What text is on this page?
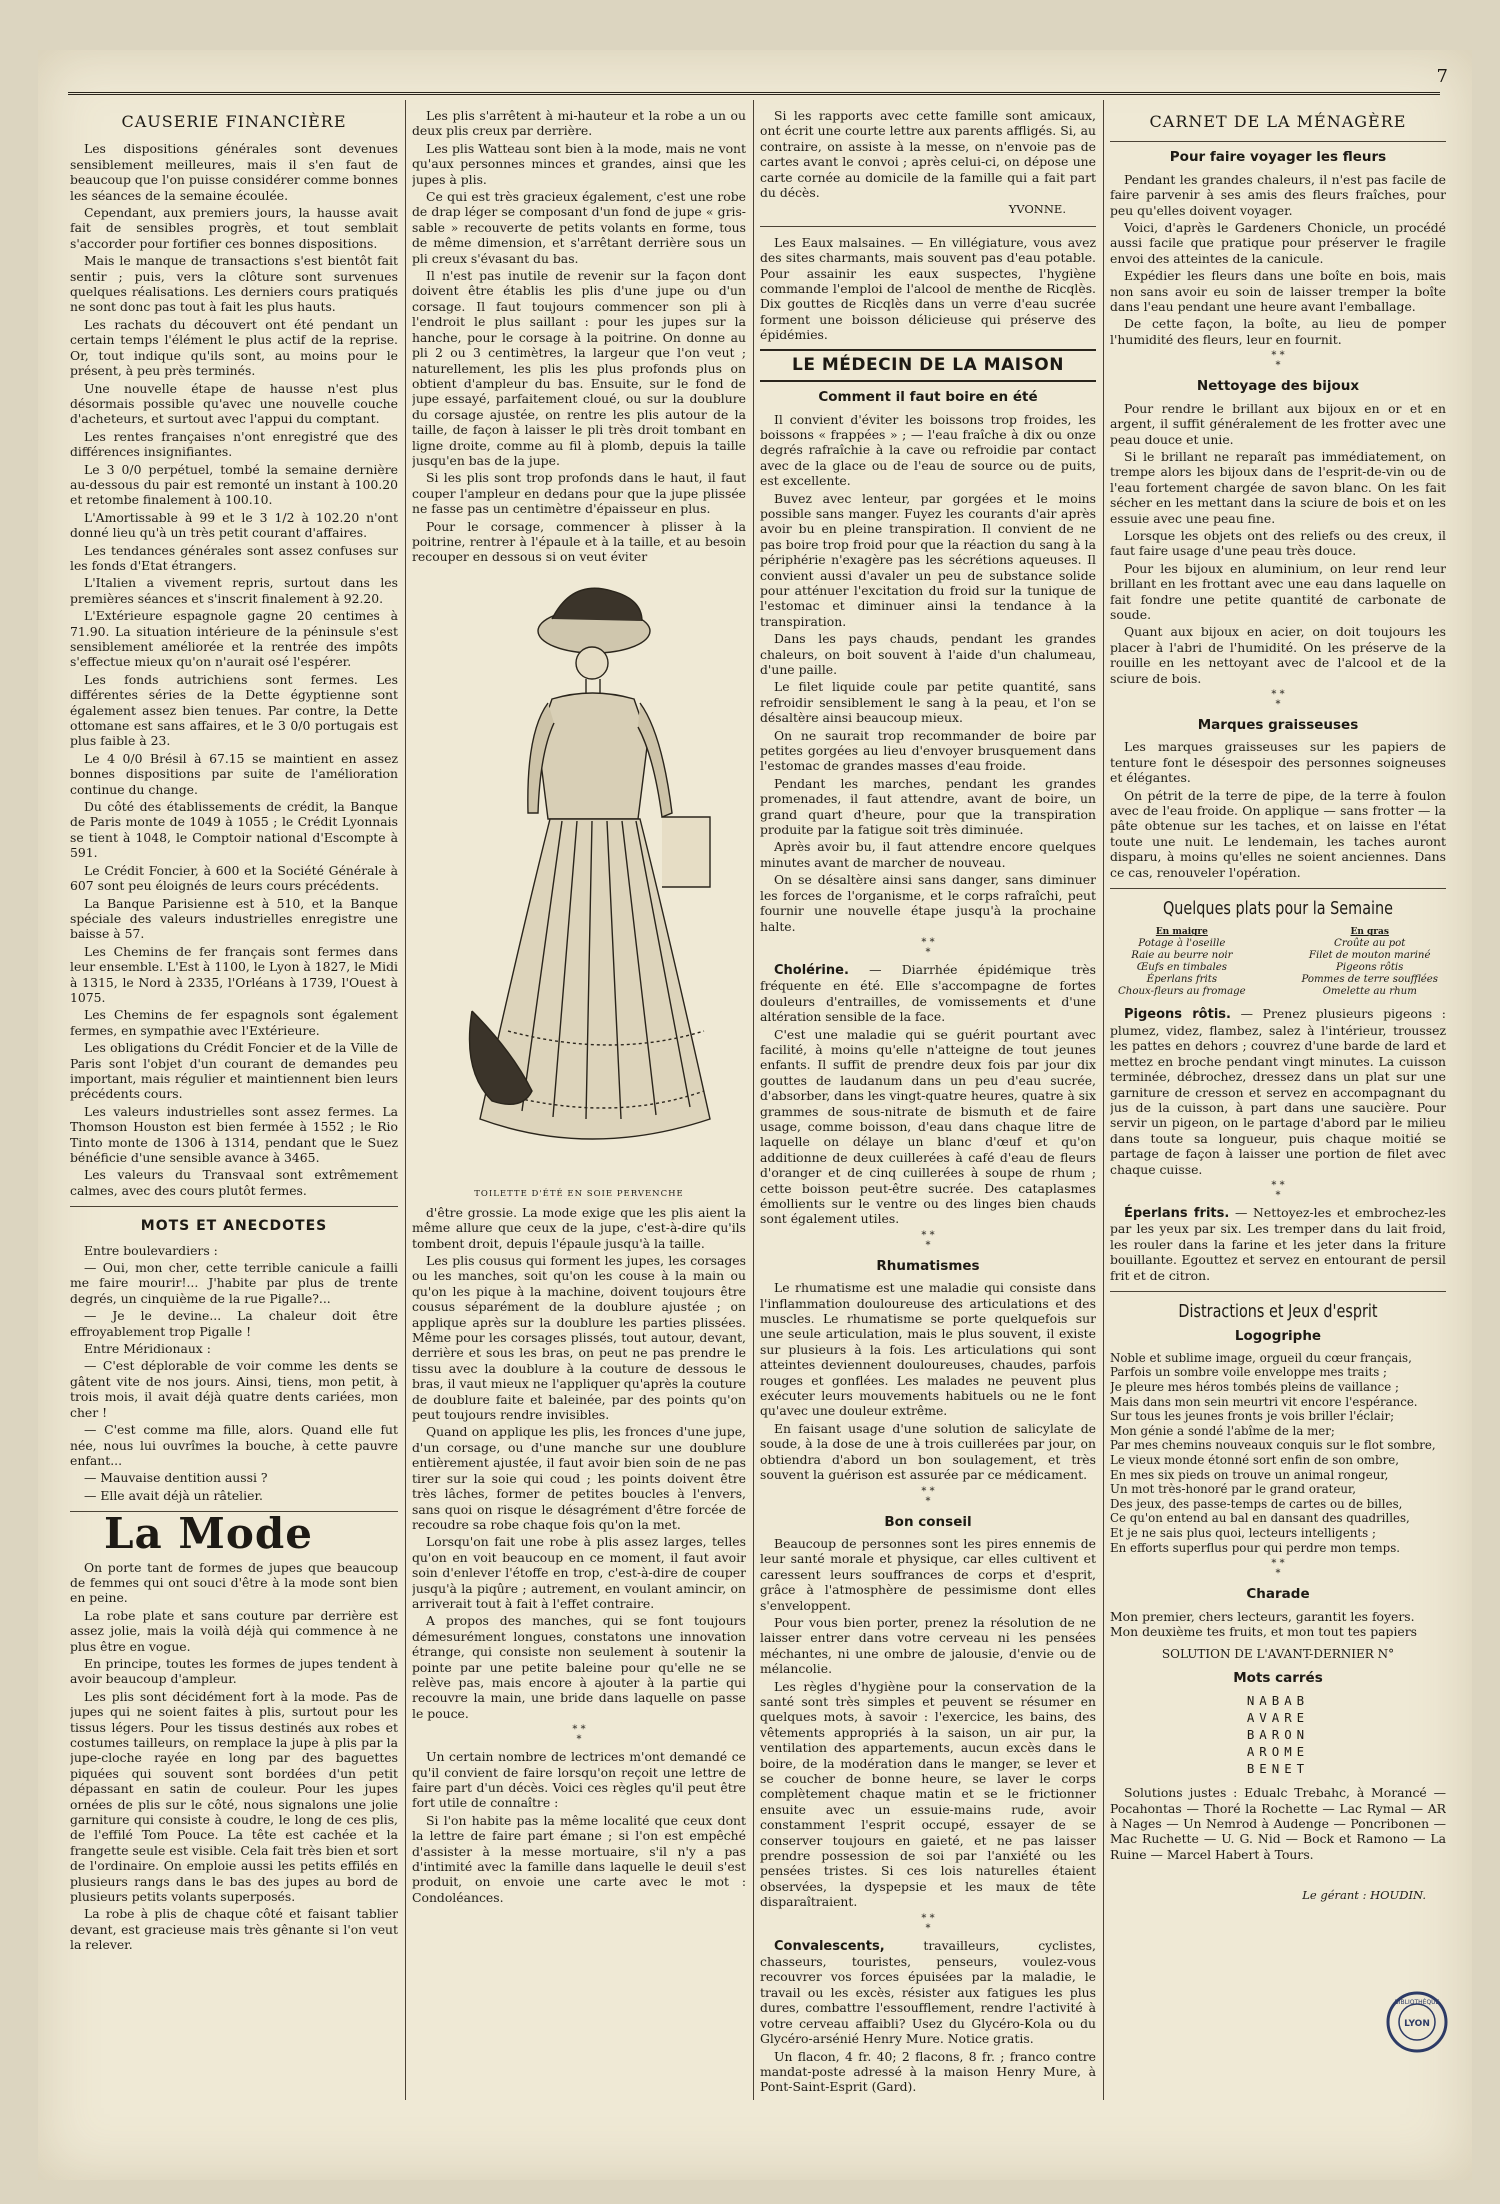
7
CAUSERIE FINANCIÈRE

Les dispositions générales sont devenues sensiblement meilleures, mais il s'en faut de beaucoup que l'on puisse considérer comme bonnes les séances de la semaine écoulée.

Cependant, aux premiers jours, la hausse avait fait de sensibles progrès, et tout semblait s'accorder pour fortifier ces bonnes dispositions.

Mais le manque de transactions s'est bientôt fait sentir ; puis, vers la clôture sont survenues quelques réalisations. Les derniers cours pratiqués ne sont donc pas tout à fait les plus hauts.

Les rachats du découvert ont été pendant un certain temps l'élément le plus actif de la reprise. Or, tout indique qu'ils sont, au moins pour le présent, à peu près terminés.

Une nouvelle étape de hausse n'est plus désormais possible qu'avec une nouvelle couche d'acheteurs, et surtout avec l'appui du comptant.

Les rentes françaises n'ont enregistré que des différences insignifiantes.

Le 3 0/0 perpétuel, tombé la semaine dernière au-dessous du pair est remonté un instant à 100.20 et retombe finalement à 100.10.

L'Amortissable à 99 et le 3 1/2 à 102.20 n'ont donné lieu qu'à un très petit courant d'affaires.

Les tendances générales sont assez confuses sur les fonds d'Etat étrangers.

L'Italien a vivement repris, surtout dans les premières séances et s'inscrit finalement à 92.20.

L'Extérieure espagnole gagne 20 centimes à 71.90. La situation intérieure de la péninsule s'est sensiblement améliorée et la rentrée des impôts s'effectue mieux qu'on n'aurait osé l'espérer.

Les fonds autrichiens sont fermes. Les différentes séries de la Dette égyptienne sont également assez bien tenues. Par contre, la Dette ottomane est sans affaires, et le 3 0/0 portugais est plus faible à 23.

Le 4 0/0 Brésil à 67.15 se maintient en assez bonnes dispositions par suite de l'amélioration continue du change.

Du côté des établissements de crédit, la Banque de Paris monte de 1049 à 1055 ; le Crédit Lyonnais se tient à 1048, le Comptoir national d'Escompte à 591.

Le Crédit Foncier, à 600 et la Société Générale à 607 sont peu éloignés de leurs cours précédents.

La Banque Parisienne est à 510, et la Banque spéciale des valeurs industrielles enregistre une baisse à 57.

Les Chemins de fer français sont fermes dans leur ensemble. L'Est à 1100, le Lyon à 1827, le Midi à 1315, le Nord à 2335, l'Orléans à 1739, l'Ouest à 1075.

Les Chemins de fer espagnols sont également fermes, en sympathie avec l'Extérieure.

Les obligations du Crédit Foncier et de la Ville de Paris sont l'objet d'un courant de demandes peu important, mais régulier et maintiennent bien leurs précédents cours.

Les valeurs industrielles sont assez fermes. La Thomson Houston est bien fermée à 1552 ; le Rio Tinto monte de 1306 à 1314, pendant que le Suez bénéficie d'une sensible avance à 3465.

Les valeurs du Transvaal sont extrêmement calmes, avec des cours plutôt fermes.

MOTS ET ANECDOTES

Entre boulevardiers :

— Oui, mon cher, cette terrible canicule a failli me faire mourir!... J'habite par plus de trente degrés, un cinquième de la rue Pigalle?...

— Je le devine... La chaleur doit être effroyablement trop Pigalle !

Entre Méridionaux :

— C'est déplorable de voir comme les dents se gâtent vite de nos jours. Ainsi, tiens, mon petit, à trois mois, il avait déjà quatre dents cariées, mon cher !

— C'est comme ma fille, alors. Quand elle fut née, nous lui ouvrîmes la bouche, à cette pauvre enfant...

— Mauvaise dentition aussi ?

— Elle avait déjà un râtelier.

La Mode

On porte tant de formes de jupes que beaucoup de femmes qui ont souci d'être à la mode sont bien en peine.

La robe plate et sans couture par derrière est assez jolie, mais la voilà déjà qui commence à ne plus être en vogue.

En principe, toutes les formes de jupes tendent à avoir beaucoup d'ampleur.

Les plis sont décidément fort à la mode. Pas de jupes qui ne soient faites à plis, surtout pour les tissus légers. Pour les tissus destinés aux robes et costumes tailleurs, on remplace la jupe à plis par la jupe-cloche rayée en long par des baguettes piquées qui souvent sont bordées d'un petit dépassant en satin de couleur. Pour les jupes ornées de plis sur le côté, nous signalons une jolie garniture qui consiste à coudre, le long de ces plis, de l'effilé Tom Pouce. La tête est cachée et la frangette seule est visible. Cela fait très bien et sort de l'ordinaire. On emploie aussi les petits effilés en plusieurs rangs dans le bas des jupes au bord de plusieurs petits volants superposés.

La robe à plis de chaque côté et faisant tablier devant, est gracieuse mais très gênante si l'on veut la relever.

Les plis s'arrêtent à mi-hauteur et la robe a un ou deux plis creux par derrière.

Les plis Watteau sont bien à la mode, mais ne vont qu'aux personnes minces et grandes, ainsi que les jupes à plis.

Ce qui est très gracieux également, c'est une robe de drap léger se composant d'un fond de jupe « gris-sable » recouverte de petits volants en forme, tous de même dimension, et s'arrêtant derrière sous un pli creux s'évasant du bas.

Il n'est pas inutile de revenir sur la façon dont doivent être établis les plis d'une jupe ou d'un corsage. Il faut toujours commencer son pli à l'endroit le plus saillant : pour les jupes sur la hanche, pour le corsage à la poitrine. On donne au pli 2 ou 3 centimètres, la largeur que l'on veut ; naturellement, les plis les plus profonds plus on obtient d'ampleur du bas. Ensuite, sur le fond de jupe essayé, parfaitement cloué, ou sur la doublure du corsage ajustée, on rentre les plis autour de la taille, de façon à laisser le pli très droit tombant en ligne droite, comme au fil à plomb, depuis la taille jusqu'en bas de la jupe.

Si les plis sont trop profonds dans le haut, il faut couper l'ampleur en dedans pour que la jupe plissée ne fasse pas un centimètre d'épaisseur en plus.

Pour le corsage, commencer à plisser à la poitrine, rentrer à l'épaule et à la taille, et au besoin recouper en dessous si on veut éviter

TOILETTE D'ÉTÉ EN SOIE PERVENCHE

d'être grossie. La mode exige que les plis aient la même allure que ceux de la jupe, c'est-à-dire qu'ils tombent droit, depuis l'épaule jusqu'à la taille.

Les plis cousus qui forment les jupes, les corsages ou les manches, soit qu'on les couse à la main ou qu'on les pique à la machine, doivent toujours être cousus séparément de la doublure ajustée ; on applique après sur la doublure les parties plissées. Même pour les corsages plissés, tout autour, devant, derrière et sous les bras, on peut ne pas prendre le tissu avec la doublure à la couture de dessous le bras, il vaut mieux ne l'appliquer qu'après la couture de doublure faite et baleinée, par des points qu'on peut toujours rendre invisibles.

Quand on applique les plis, les fronces d'une jupe, d'un corsage, ou d'une manche sur une doublure entièrement ajustée, il faut avoir bien soin de ne pas tirer sur la soie qui coud ; les points doivent être très lâches, former de petites boucles à l'envers, sans quoi on risque le désagrément d'être forcée de recoudre sa robe chaque fois qu'on la met.

Lorsqu'on fait une robe à plis assez larges, telles qu'on en voit beaucoup en ce moment, il faut avoir soin d'enlever l'étoffe en trop, c'est-à-dire de couper jusqu'à la piqûre ; autrement, en voulant amincir, on arriverait tout à fait à l'effet contraire.

A propos des manches, qui se font toujours démesurément longues, constatons une innovation étrange, qui consiste non seulement à soutenir la pointe par une petite baleine pour qu'elle ne se relève pas, mais encore à ajouter à la partie qui recouvre la main, une bride dans laquelle on passe le pouce.

* *
*

Un certain nombre de lectrices m'ont demandé ce qu'il convient de faire lorsqu'on reçoit une lettre de faire part d'un décès. Voici ces règles qu'il peut être fort utile de connaître :

Si l'on habite pas la même localité que ceux dont la lettre de faire part émane ; si l'on est empêché d'assister à la messe mortuaire, s'il n'y a pas d'intimité avec la famille dans laquelle le deuil s'est produit, on envoie une carte avec le mot : Condoléances.

Si les rapports avec cette famille sont amicaux, ont écrit une courte lettre aux parents affligés. Si, au contraire, on assiste à la messe, on n'envoie pas de cartes avant le convoi ; après celui-ci, on dépose une carte cornée au domicile de la famille qui a fait part du décès.

YVONNE.

Les Eaux malsaines. — En villégiature, vous avez des sites charmants, mais souvent pas d'eau potable. Pour assainir les eaux suspectes, l'hygiène commande l'emploi de l'alcool de menthe de Ricqlès. Dix gouttes de Ricqlès dans un verre d'eau sucrée forment une boisson délicieuse qui préserve des épidémies.

LE MÉDECIN DE LA MAISON
Comment il faut boire en été

Il convient d'éviter les boissons trop froides, les boissons « frappées » ; — l'eau fraîche à dix ou onze degrés rafraîchie à la cave ou refroidie par contact avec de la glace ou de l'eau de source ou de puits, est excellente.

Buvez avec lenteur, par gorgées et le moins possible sans manger. Fuyez les courants d'air après avoir bu en pleine transpiration. Il convient de ne pas boire trop froid pour que la réaction du sang à la périphérie n'exagère pas les sécrétions aqueuses. Il convient aussi d'avaler un peu de substance solide pour atténuer l'excitation du froid sur la tunique de l'estomac et diminuer ainsi la tendance à la transpiration.

Dans les pays chauds, pendant les grandes chaleurs, on boit souvent à l'aide d'un chalumeau, d'une paille.

Le filet liquide coule par petite quantité, sans refroidir sensiblement le sang à la peau, et l'on se désaltère ainsi beaucoup mieux.

On ne saurait trop recommander de boire par petites gorgées au lieu d'envoyer brusquement dans l'estomac de grandes masses d'eau froide.

Pendant les marches, pendant les grandes promenades, il faut attendre, avant de boire, un grand quart d'heure, pour que la transpiration produite par la fatigue soit très diminuée.

Après avoir bu, il faut attendre encore quelques minutes avant de marcher de nouveau.

On se désaltère ainsi sans danger, sans diminuer les forces de l'organisme, et le corps rafraîchi, peut fournir une nouvelle étape jusqu'à la prochaine halte.

* *
*

Cholérine. — Diarrhée épidémique très fréquente en été. Elle s'accompagne de fortes douleurs d'entrailles, de vomissements et d'une altération sensible de la face.

C'est une maladie qui se guérit pourtant avec facilité, à moins qu'elle n'atteigne de tout jeunes enfants. Il suffit de prendre deux fois par jour dix gouttes de laudanum dans un peu d'eau sucrée, d'absorber, dans les vingt-quatre heures, quatre à six grammes de sous-nitrate de bismuth et de faire usage, comme boisson, d'eau dans chaque litre de laquelle on délaye un blanc d'œuf et qu'on additionne de deux cuillerées à café d'eau de fleurs d'oranger et de cinq cuillerées à soupe de rhum ; cette boisson peut-être sucrée. Des cataplasmes émollients sur le ventre ou des linges bien chauds sont également utiles.

* *
*
Rhumatismes

Le rhumatisme est une maladie qui consiste dans l'inflammation douloureuse des articulations et des muscles. Le rhumatisme se porte quelquefois sur une seule articulation, mais le plus souvent, il existe sur plusieurs à la fois. Les articulations qui sont atteintes deviennent douloureuses, chaudes, parfois rouges et gonflées. Les malades ne peuvent plus exécuter leurs mouvements habituels ou ne le font qu'avec une douleur extrême.

En faisant usage d'une solution de salicylate de soude, à la dose de une à trois cuillerées par jour, on obtiendra d'abord un bon soulagement, et très souvent la guérison est assurée par ce médicament.

* *
*
Bon conseil

Beaucoup de personnes sont les pires ennemis de leur santé morale et physique, car elles cultivent et caressent leurs souffrances de corps et d'esprit, grâce à l'atmosphère de pessimisme dont elles s'enveloppent.

Pour vous bien porter, prenez la résolution de ne laisser entrer dans votre cerveau ni les pensées méchantes, ni une ombre de jalousie, d'envie ou de mélancolie.

Les règles d'hygiène pour la conservation de la santé sont très simples et peuvent se résumer en quelques mots, à savoir : l'exercice, les bains, des vêtements appropriés à la saison, un air pur, la ventilation des appartements, aucun excès dans le boire, de la modération dans le manger, se lever et se coucher de bonne heure, se laver le corps complètement chaque matin et se le frictionner ensuite avec un essuie-mains rude, avoir constamment l'esprit occupé, essayer de se conserver toujours en gaieté, et ne pas laisser prendre possession de soi par l'anxiété ou les pensées tristes. Si ces lois naturelles étaient observées, la dyspepsie et les maux de tête disparaîtraient.

* *
*

Convalescents,	travailleurs, cyclistes, chasseurs, touristes, penseurs, voulez-vous recouvrer vos forces épuisées par la maladie, le travail ou les excès, résister aux fatigues les plus dures, combattre l'essoufflement, rendre l'activité à votre cerveau affaibli? Usez du Glycéro-Kola ou du Glycéro-arsénié Henry Mure. Notice gratis.

Un flacon, 4 fr. 40; 2 flacons, 8 fr. ; franco contre mandat-poste adressé à la maison Henry Mure, à Pont-Saint-Esprit (Gard).

CARNET DE LA MÉNAGÈRE
Pour faire voyager les fleurs

Pendant les grandes chaleurs, il n'est pas facile de faire parvenir à ses amis des fleurs fraîches, pour peu qu'elles doivent voyager.

Voici, d'après le Gardeners Chonicle, un procédé aussi facile que pratique pour préserver le fragile envoi des atteintes de la canicule.

Expédier les fleurs dans une boîte en bois, mais non sans avoir eu soin de laisser tremper la boîte dans l'eau pendant une heure avant l'emballage.

De cette façon, la boîte, au lieu de pomper l'humidité des fleurs, leur en fournit.

* *
*
Nettoyage des bijoux

Pour rendre le brillant aux bijoux en or et en argent, il suffit généralement de les frotter avec une peau douce et unie.

Si le brillant ne reparaît pas immédiatement, on trempe alors les bijoux dans de l'esprit-de-vin ou de l'eau fortement chargée de savon blanc. On les fait sécher en les mettant dans la sciure de bois et on les essuie avec une peau fine.

Lorsque les objets ont des reliefs ou des creux, il faut faire usage d'une peau très douce.

Pour les bijoux en aluminium, on leur rend leur brillant en les frottant avec une eau dans laquelle on fait fondre une petite quantité de carbonate de soude.

Quant aux bijoux en acier, on doit toujours les placer à l'abri de l'humidité. On les préserve de la rouille en les nettoyant avec de l'alcool et de la sciure de bois.

* *
*
Marques graisseuses

Les marques graisseuses sur les papiers de tenture font le désespoir des personnes soigneuses et élégantes.

On pétrit de la terre de pipe, de la terre à foulon avec de l'eau froide. On applique — sans frotter — la pâte obtenue sur les taches, et on laisse en l'état toute une nuit. Le lendemain, les taches auront disparu, à moins qu'elles ne soient anciennes. Dans ce cas, renouveler l'opération.

Quelques plats pour la Semaine
En maigre
Potage à l'oseille
Raie au beurre noir
Œufs en timbales
Éperlans frits
Choux-fleurs au fromage
En gras
Croûte au pot
Filet de mouton mariné
Pigeons rôtis
Pommes de terre soufflées
Omelette au rhum

Pigeons rôtis. — Prenez plusieurs pigeons : plumez, videz, flambez, salez à l'intérieur, troussez les pattes en dehors ; couvrez d'une barde de lard et mettez en broche pendant vingt minutes. La cuisson terminée, débrochez, dressez dans un plat sur une garniture de cresson et servez en accompagnant du jus de la cuisson, à part dans une saucière. Pour servir un pigeon, on le partage d'abord par le milieu dans toute sa longueur, puis chaque moitié se partage de façon à laisser une portion de filet avec chaque cuisse.

* *
*

Éperlans frits. — Nettoyez-les et embrochez-les par les yeux par six. Les tremper dans du lait froid, les rouler dans la farine et les jeter dans la friture bouillante. Egouttez et servez en entourant de persil frit et de citron.

Distractions et Jeux d'esprit
Logogriphe
Noble et sublime image, orgueil du cœur français,
Parfois un sombre voile enveloppe mes traits ;
Je pleure mes héros tombés pleins de vaillance ;
Mais dans mon sein meurtri vit encore l'espérance.
Sur tous les jeunes fronts je vois briller l'éclair;
Mon génie a sondé l'abîme de la mer;
Par mes chemins nouveaux conquis sur le flot sombre,
Le vieux monde étonné sort enfin de son ombre,
En mes six pieds on trouve un animal rongeur,
Un mot très-honoré par le grand orateur,
Des jeux, des passe-temps de cartes ou de billes,
Ce qu'on entend au bal en dansant des quadrilles,
Et je ne sais plus quoi, lecteurs intelligents ;
En efforts superflus pour qui perdre mon temps.
* *
*
Charade
Mon premier, chers lecteurs, garantit les foyers.
Mon deuxième tes fruits, et mon tout tes papiers
SOLUTION DE L'AVANT-DERNIER N°
Mots carrés
NABAB
AVARE
BARON
AROME
BENET

Solutions justes : Edualc Trebahc, à Morancé — Pocahontas — Thoré la Rochette — Lac Rymal — AR à Nages — Un Nemrod à Audenge — Poncribonen — Mac Ruchette — U. G. Nid — Bock et Ramono — La Ruine — Marcel Habert à Tours.

Le gérant : HOUDIN.
BIBLIOTHÈQUE
LYON
